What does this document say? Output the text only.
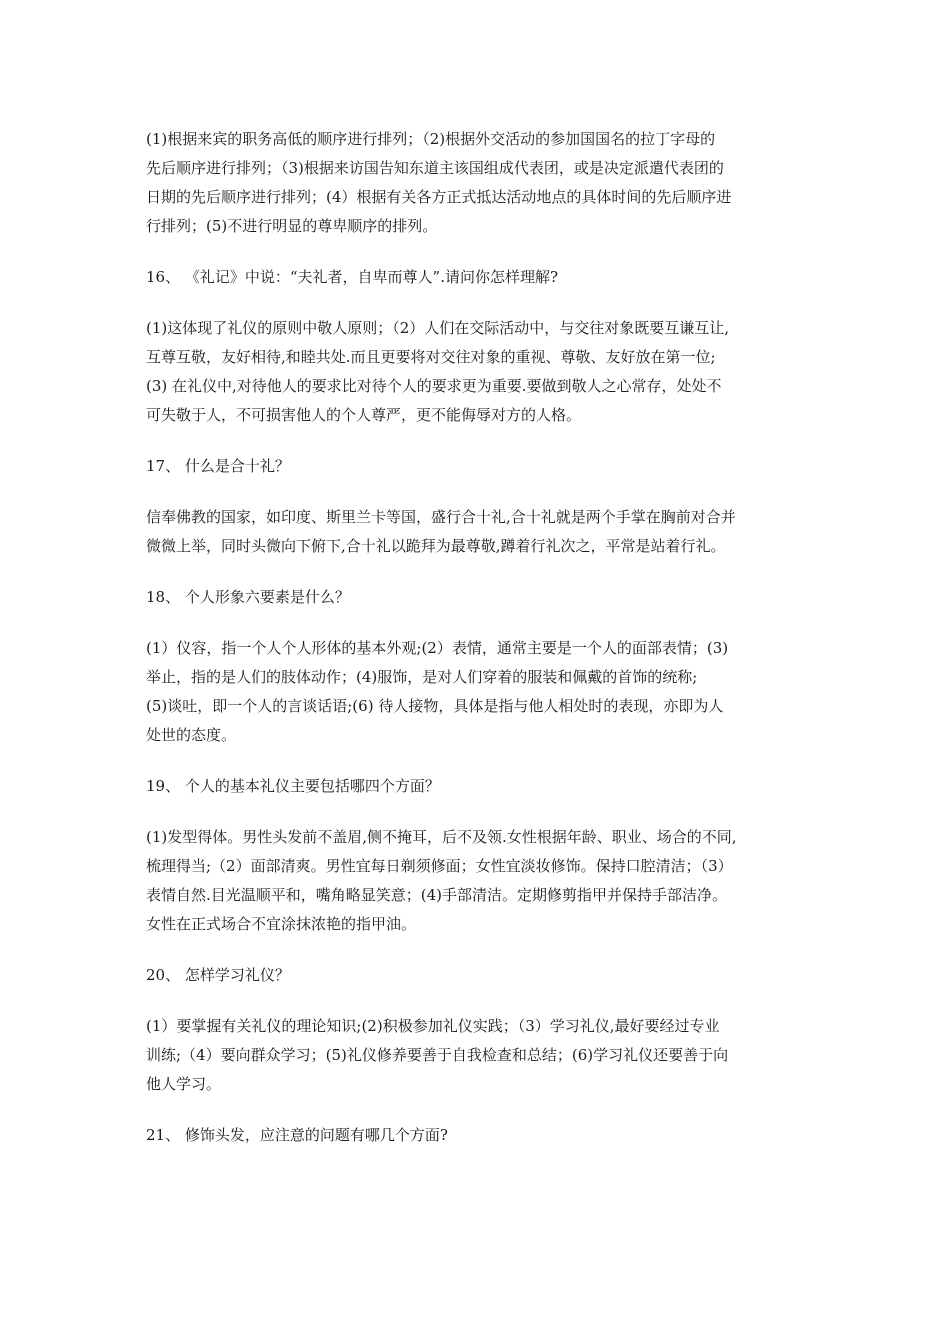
(1)根据来宾的职务高低的顺序进行排列；（2)根据外交活动的参加国国名的拉丁字母的
先后顺序进行排列；（3)根据来访国告知东道主该国组成代表团，或是决定派遣代表团的
日期的先后顺序进行排列；(4）根据有关各方正式抵达活动地点的具体时间的先后顺序进
行排列；(5)不进行明显的尊卑顺序的排列。
16、 《礼记》中说：“夫礼者，自卑而尊人”.请问你怎样理解?
(1)这体现了礼仪的原则中敬人原则；（2）人们在交际活动中，与交往对象既要互谦互让,
互尊互敬，友好相待,和睦共处.而且更要将对交往对象的重视、尊敬、友好放在第一位;
(3) 在礼仪中,对待他人的要求比对待个人的要求更为重要.要做到敬人之心常存，处处不
可失敬于人，不可损害他人的个人尊严，更不能侮辱对方的人格。
17、 什么是合十礼？
信奉佛教的国家，如印度、斯里兰卡等国，盛行合十礼,合十礼就是两个手掌在胸前对合并
微微上举，同时头微向下俯下,合十礼以跪拜为最尊敬,蹲着行礼次之，平常是站着行礼。
18、 个人形象六要素是什么？
(1）仪容，指一个人个人形体的基本外观;(2）表情，通常主要是一个人的面部表情；(3)
举止，指的是人们的肢体动作；(4)服饰，是对人们穿着的服装和佩戴的首饰的统称;
(5)谈吐，即一个人的言谈话语;(6) 待人接物，具体是指与他人相处时的表现，亦即为人
处世的态度。
19、 个人的基本礼仪主要包括哪四个方面？
(1)发型得体。男性头发前不盖眉,侧不掩耳，后不及领.女性根据年龄、职业、场合的不同,
梳理得当;（2）面部清爽。男性宜每日剃须修面；女性宜淡妆修饰。保持口腔清洁；（3）
表情自然.目光温顺平和，嘴角略显笑意；(4)手部清洁。定期修剪指甲并保持手部洁净。
女性在正式场合不宜涂抹浓艳的指甲油。
20、 怎样学习礼仪？
(1）要掌握有关礼仪的理论知识;(2)积极参加礼仪实践；（3）学习礼仪,最好要经过专业
训练;（4）要向群众学习；(5)礼仪修养要善于自我检查和总结；(6)学习礼仪还要善于向
他人学习。
21、 修饰头发，应注意的问题有哪几个方面?
